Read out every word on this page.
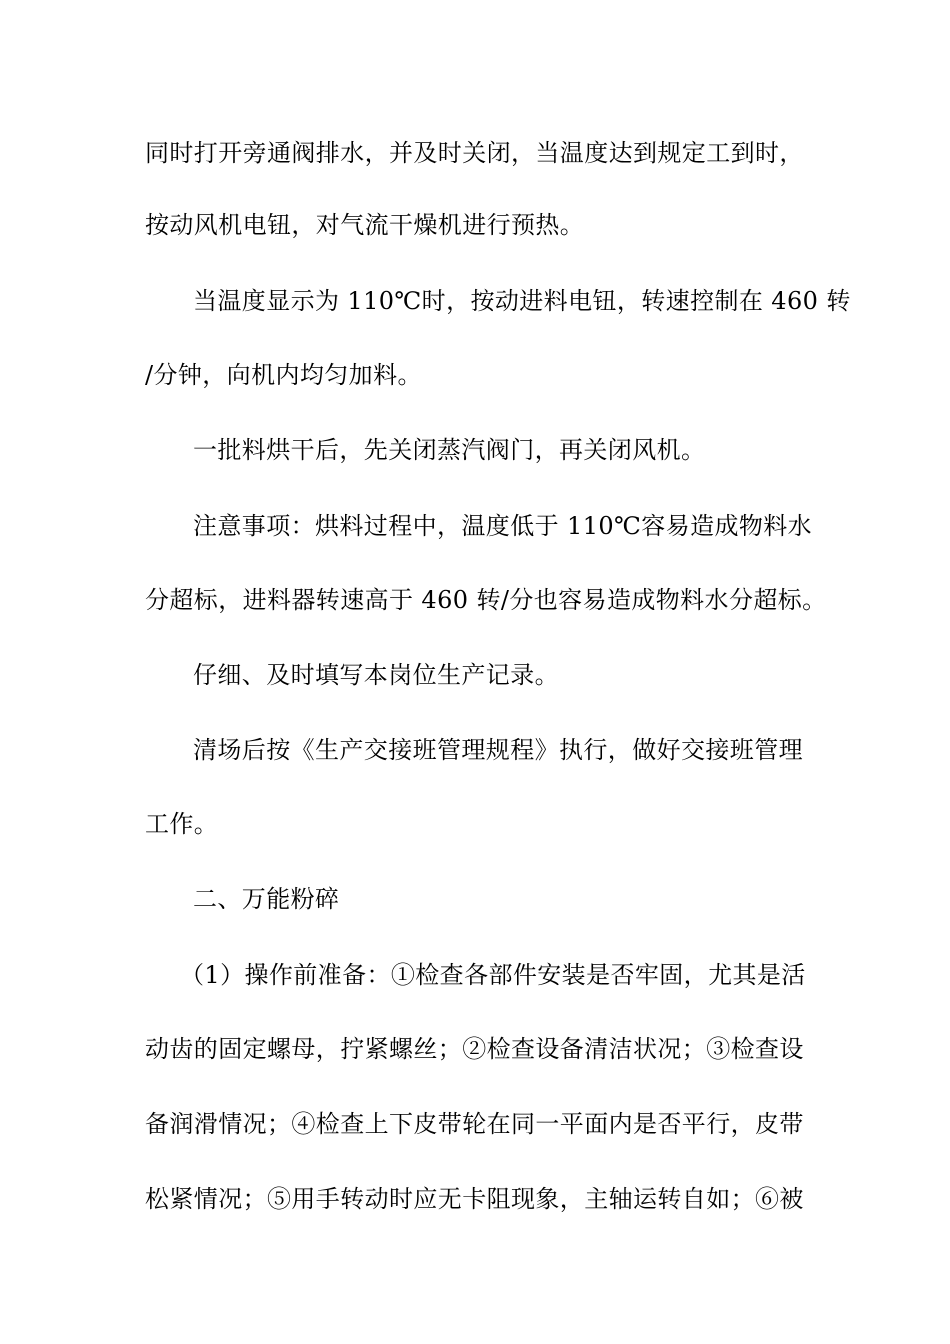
同时打开旁通阀排水，并及时关闭，当温度达到规定工到时，
按动风机电钮，对气流干燥机进行预热。
当温度显示为 110℃时，按动进料电钮，转速控制在 460 转
/分钟，向机内均匀加料。
一批料烘干后，先关闭蒸汽阀门，再关闭风机。
注意事项：烘料过程中，温度低于 110℃容易造成物料水
分超标，进料器转速高于 460 转/分也容易造成物料水分超标。
仔细、及时填写本岗位生产记录。
清场后按《生产交接班管理规程》执行，做好交接班管理
工作。
二、万能粉碎
（1）操作前准备：①检查各部件安装是否牢固，尤其是活
动齿的固定螺母，拧紧螺丝；②检查设备清洁状况；③检查设
备润滑情况；④检查上下皮带轮在同一平面内是否平行，皮带
松紧情况；⑤用手转动时应无卡阻现象，主轴运转自如；⑥被
